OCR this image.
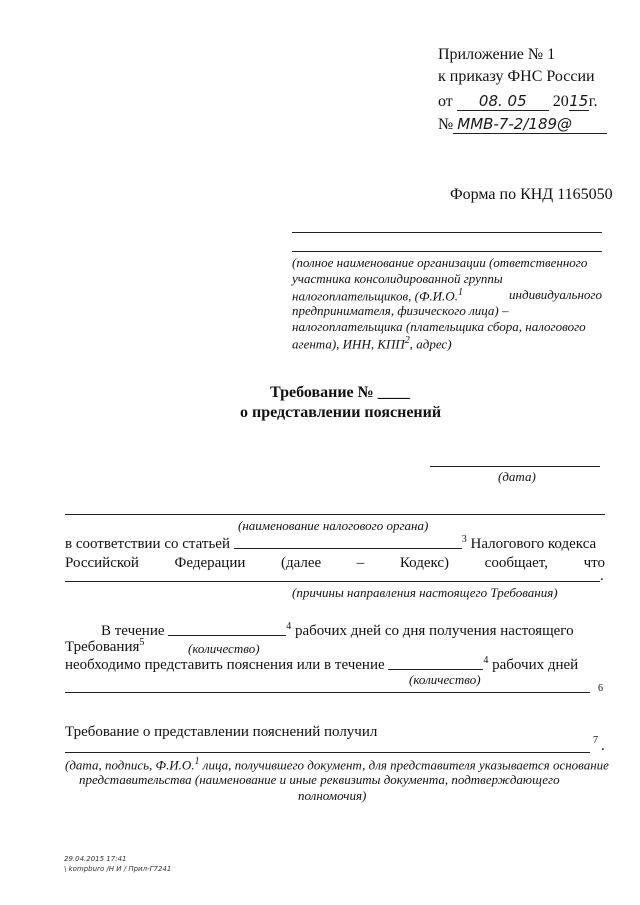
Приложение № 1
к приказу ФНС России
от 08. 05 2015г.
№ ММВ-7-2/189@
Форма по КНД 1165050
(полное наименование организации (ответственного
участника консолидированной группы
налогоплательщиков, (Ф.И.О.$^1$	индивидуального
предпринимателя, физического лица) –
налогоплательщика (плательщика сбора, налогового
агента), ИНН, КПП$^2$, адрес)
Требование № ____
о представлении пояснений
(дата)
(наименование налогового органа)
в соответствии со статьей	$^3$ Налогового кодекса
Российской Федерации (далее – Кодекс) сообщает, что
.
(причины направления настоящего Требования)
В течение	$^4$ рабочих дней со дня получения настоящего
Требования$^5$	(количество)
необходимо представить пояснения или в течение	$^4$ рабочих дней
(количество)
6
Требование о представлении пояснений получил
7 .
(дата, подпись, Ф.И.О.$^1$ лица, получившего документ, для представителя указывается основание
представительства (наименование и иные реквизиты документа, подтверждающего
полномочия)
29.04.2015 17:41
\ kompburo /Н И / Прил-Г7241
